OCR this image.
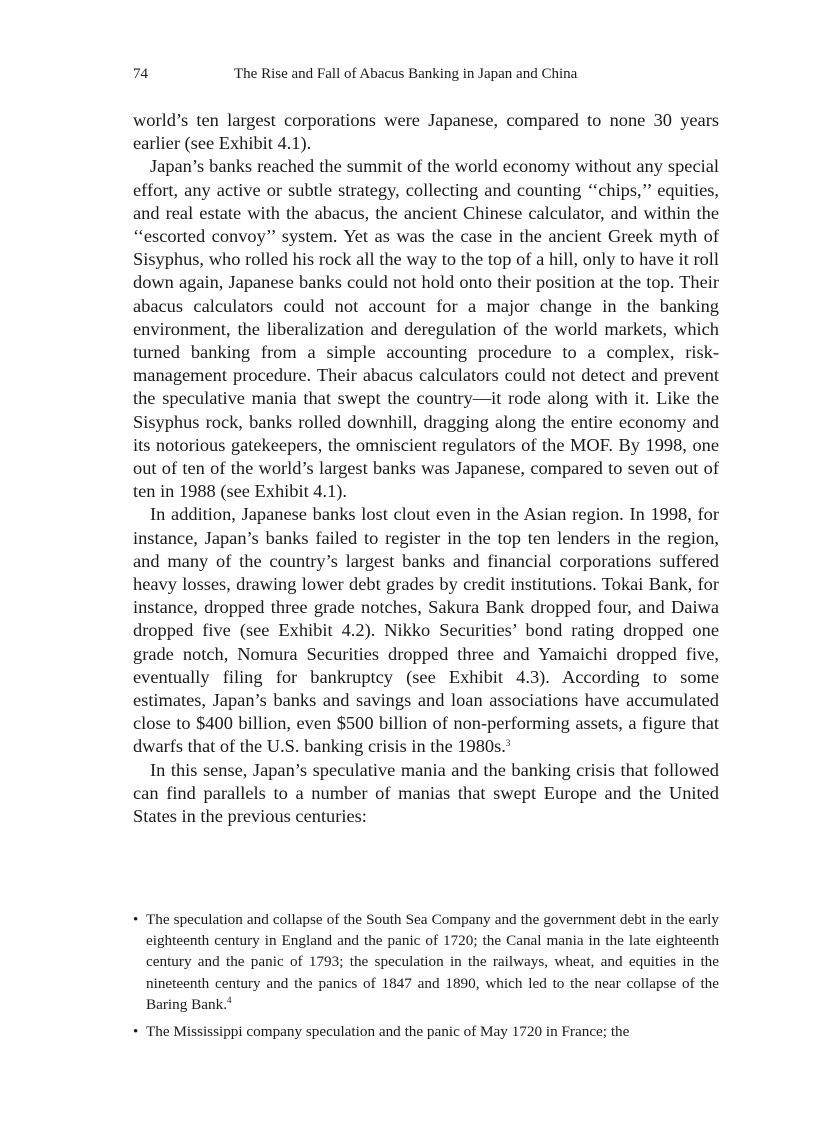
74	The Rise and Fall of Abacus Banking in Japan and China

world’s ten largest corporations were Japanese, compared to none 30 years earlier (see Exhibit 4.1).

Japan’s banks reached the summit of the world economy without any special effort, any active or subtle strategy, collecting and counting ‘‘chips,’’ equities, and real estate with the abacus, the ancient Chinese calculator, and within the ‘‘escorted convoy’’ system. Yet as was the case in the ancient Greek myth of Sisyphus, who rolled his rock all the way to the top of a hill, only to have it roll down again, Japanese banks could not hold onto their position at the top. Their abacus calculators could not account for a major change in the banking environment, the liberalization and deregulation of the world markets, which turned banking from a simple accounting procedure to a complex, risk-management procedure. Their abacus calculators could not detect and prevent the speculative mania that swept the country—it rode along with it. Like the Sisyphus rock, banks rolled downhill, dragging along the entire economy and its notorious gatekeepers, the omniscient regulators of the MOF. By 1998, one out of ten of the world’s largest banks was Japanese, compared to seven out of ten in 1988 (see Exhibit 4.1).

In addition, Japanese banks lost clout even in the Asian region. In 1998, for instance, Japan’s banks failed to register in the top ten lenders in the region, and many of the country’s largest banks and financial corporations suffered heavy losses, drawing lower debt grades by credit institutions. Tokai Bank, for instance, dropped three grade notches, Sakura Bank dropped four, and Daiwa dropped five (see Exhibit 4.2). Nikko Securities’ bond rating dropped one grade notch, Nomura Securities dropped three and Yamaichi dropped five, eventually filing for bankruptcy (see Exhibit 4.3). According to some estimates, Japan’s banks and savings and loan associations have accumulated close to $400 billion, even $500 billion of non-performing assets, a figure that dwarfs that of the U.S. banking crisis in the 1980s.$^3$

In this sense, Japan’s speculative mania and the banking crisis that followed can find parallels to a number of manias that swept Europe and the United States in the previous centuries:

• The speculation and collapse of the South Sea Company and the government debt in the early eighteenth century in England and the panic of 1720; the Canal mania in the late eighteenth century and the panic of 1793; the speculation in the railways, wheat, and equities in the nineteenth century and the panics of 1847 and 1890, which led to the near collapse of the Baring Bank.$^4$
• The Mississippi company speculation and the panic of May 1720 in France; the
